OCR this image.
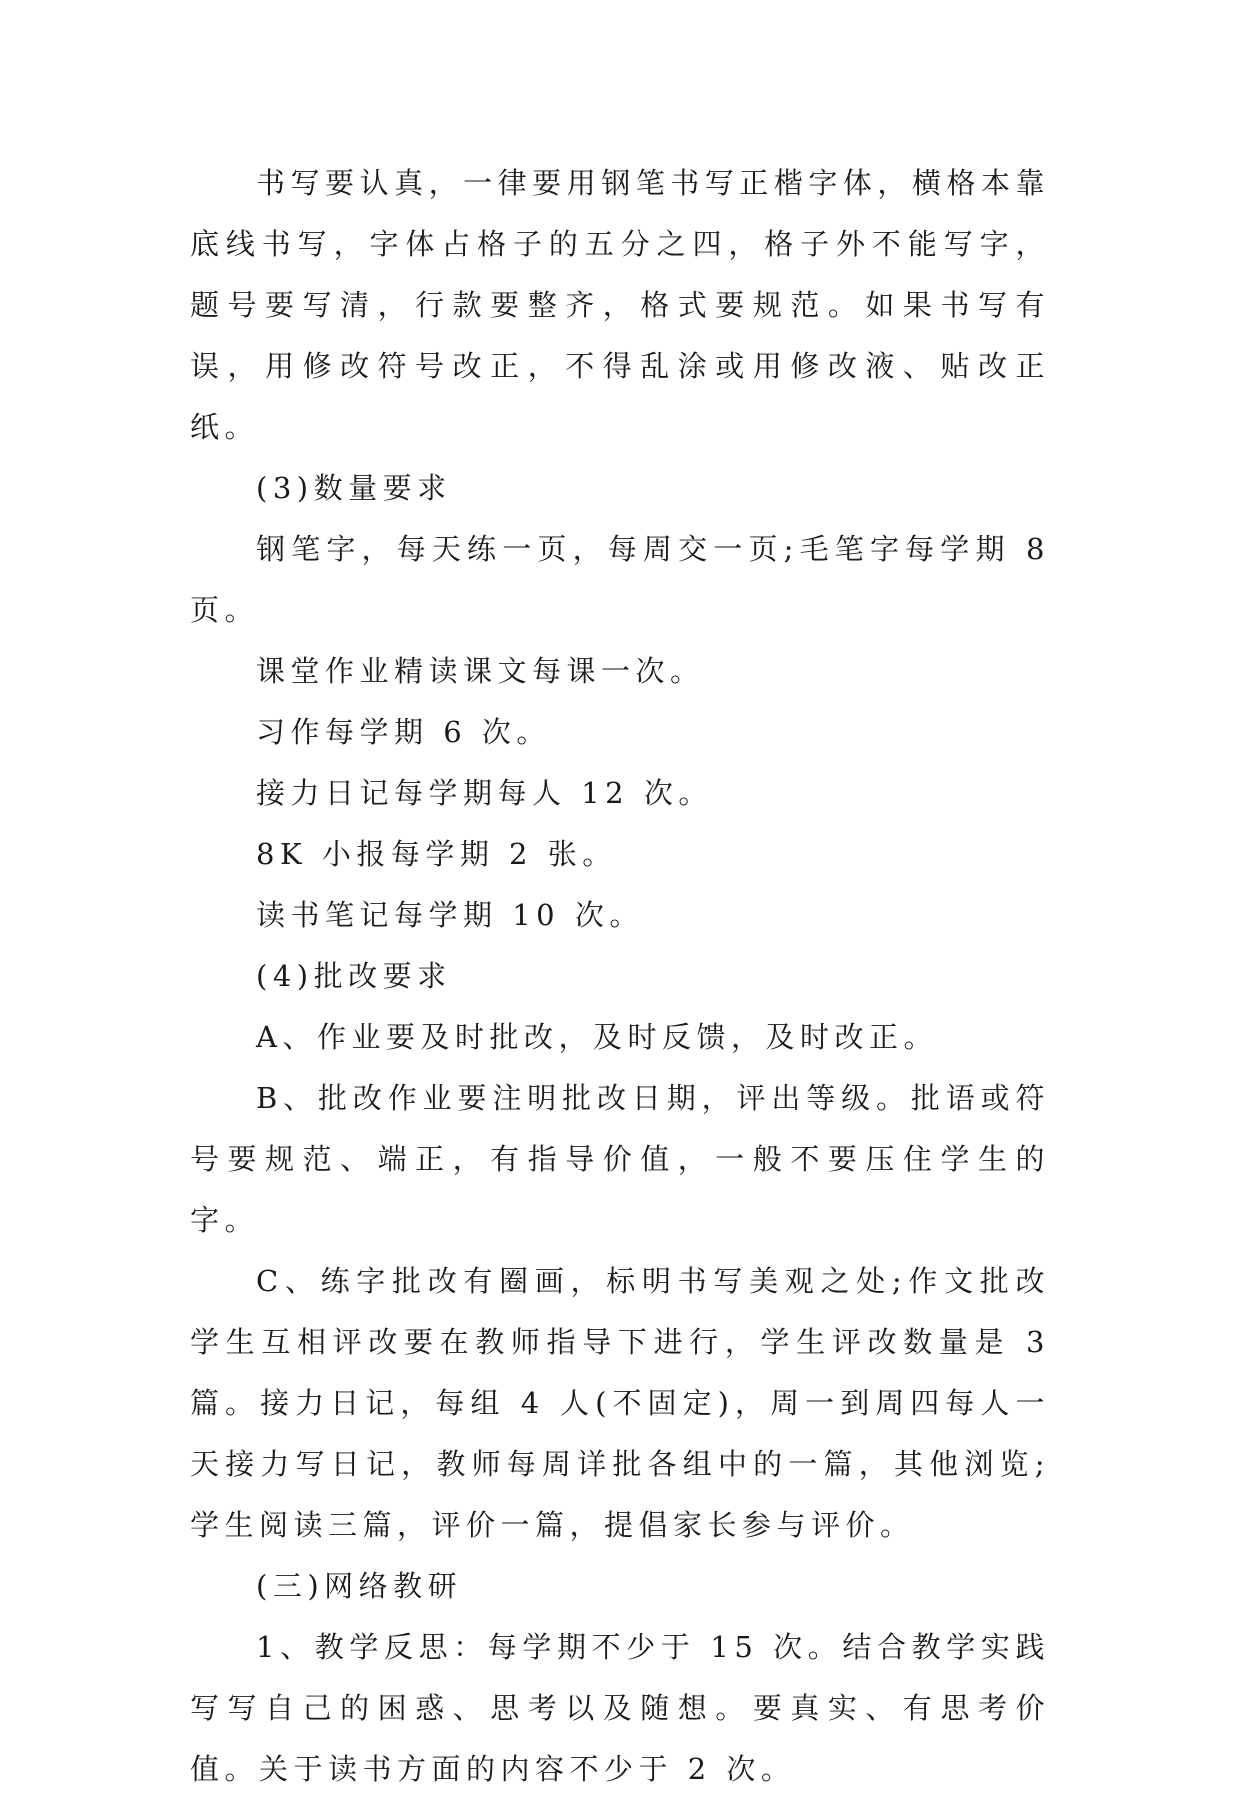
书写要认真，一律要用钢笔书写正楷字体，横格本靠底线书写，字体占格子的五分之四，格子外不能写字，题号要写清，行款要整齐，格式要规范。如果书写有误，用修改符号改正，不得乱涂或用修改液、贴改正纸。

(3)数量要求

钢笔字，每天练一页，每周交一页;毛笔字每学期 8 页。

课堂作业精读课文每课一次。

习作每学期 6 次。

接力日记每学期每人 12 次。

8K 小报每学期 2 张。

读书笔记每学期 10 次。

(4)批改要求

A、作业要及时批改，及时反馈，及时改正。

B、批改作业要注明批改日期，评出等级。批语或符号要规范、端正，有指导价值，一般不要压住学生的字。

C、练字批改有圈画，标明书写美观之处;作文批改学生互相评改要在教师指导下进行，学生评改数量是 3 篇。接力日记，每组 4 人(不固定)，周一到周四每人一天接力写日记，教师每周详批各组中的一篇，其他浏览;学生阅读三篇，评价一篇，提倡家长参与评价。

(三)网络教研

1、教学反思：每学期不少于 15 次。结合教学实践写写自己的困惑、思考以及随想。要真实、有思考价值。关于读书方面的内容不少于 2 次。
